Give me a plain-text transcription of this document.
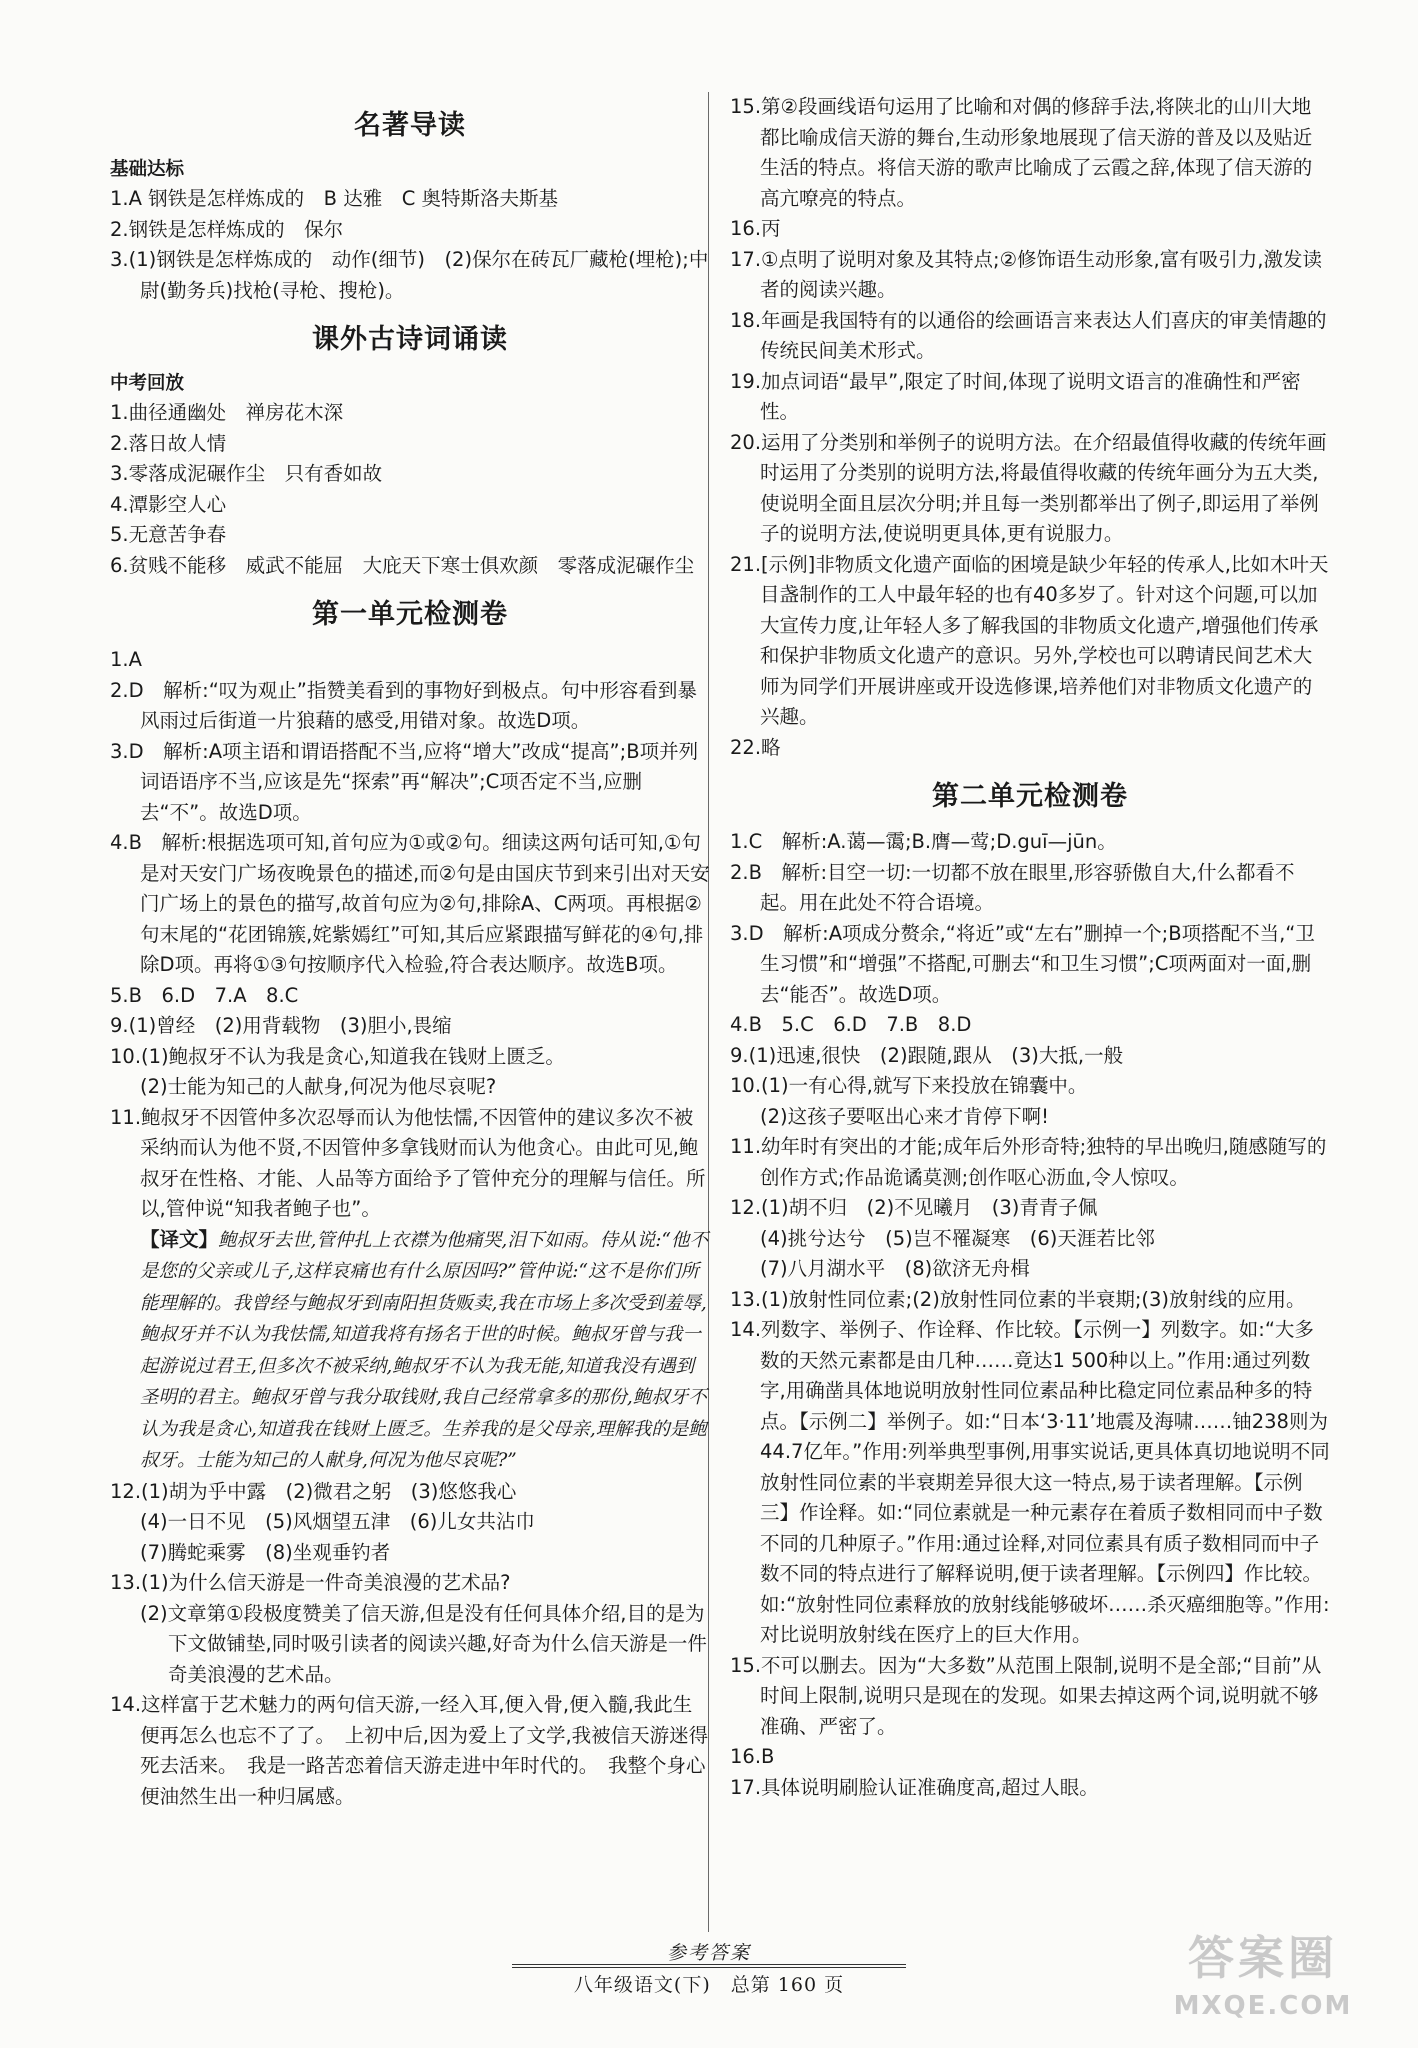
名著导读
基础达标

1.A 钢铁是怎样炼成的　B 达雅　C 奥特斯洛夫斯基

2.钢铁是怎样炼成的　保尔

3.(1)钢铁是怎样炼成的　动作(细节)　(2)保尔在砖瓦厂藏枪(埋枪);中尉(勤务兵)找枪(寻枪、搜枪)。

课外古诗词诵读
中考回放

1.曲径通幽处　禅房花木深

2.落日故人情

3.零落成泥碾作尘　只有香如故

4.潭影空人心

5.无意苦争春

6.贫贱不能移　威武不能屈　大庇天下寒士俱欢颜　零落成泥碾作尘

第一单元检测卷

1.A

2.D　解析:“叹为观止”指赞美看到的事物好到极点。句中形容看到暴风雨过后街道一片狼藉的感受,用错对象。故选D项。

3.D　解析:A项主语和谓语搭配不当,应将“增大”改成“提高”;B项并列词语语序不当,应该是先“探索”再“解决”;C项否定不当,应删去“不”。故选D项。

4.B　解析:根据选项可知,首句应为①或②句。细读这两句话可知,①句是对天安门广场夜晚景色的描述,而②句是由国庆节到来引出对天安门广场上的景色的描写,故首句应为②句,排除A、C两项。再根据②句末尾的“花团锦簇,姹紫嫣红”可知,其后应紧跟描写鲜花的④句,排除D项。再将①③句按顺序代入检验,符合表达顺序。故选B项。

5.B　6.D　7.A　8.C

9.(1)曾经　(2)用背载物　(3)胆小,畏缩

10.(1)鲍叔牙不认为我是贪心,知道我在钱财上匮乏。

(2)士能为知己的人献身,何况为他尽哀呢?

11.鲍叔牙不因管仲多次忍辱而认为他怯懦,不因管仲的建议多次不被采纳而认为他不贤,不因管仲多拿钱财而认为他贪心。由此可见,鲍叔牙在性格、才能、人品等方面给予了管仲充分的理解与信任。所以,管仲说“知我者鲍子也”。

【译文】鲍叔牙去世,管仲扎上衣襟为他痛哭,泪下如雨。侍从说:“他不是您的父亲或儿子,这样哀痛也有什么原因吗?”管仲说:“这不是你们所能理解的。我曾经与鲍叔牙到南阳担货贩卖,我在市场上多次受到羞辱,鲍叔牙并不认为我怯懦,知道我将有扬名于世的时候。鲍叔牙曾与我一起游说过君王,但多次不被采纳,鲍叔牙不认为我无能,知道我没有遇到圣明的君主。鲍叔牙曾与我分取钱财,我自己经常拿多的那份,鲍叔牙不认为我是贪心,知道我在钱财上匮乏。生养我的是父母亲,理解我的是鲍叔牙。士能为知己的人献身,何况为他尽哀呢?”

12.(1)胡为乎中露　(2)微君之躬　(3)悠悠我心

(4)一日不见　(5)风烟望五津　(6)儿女共沾巾

(7)腾蛇乘雾　(8)坐观垂钓者

13.(1)为什么信天游是一件奇美浪漫的艺术品?

(2)文章第①段极度赞美了信天游,但是没有任何具体介绍,目的是为下文做铺垫,同时吸引读者的阅读兴趣,好奇为什么信天游是一件奇美浪漫的艺术品。

14.这样富于艺术魅力的两句信天游,一经入耳,便入骨,便入髓,我此生便再怎么也忘不了了。　上初中后,因为爱上了文学,我被信天游迷得死去活来。　我是一路苦恋着信天游走进中年时代的。　我整个身心便油然生出一种归属感。

15.第②段画线语句运用了比喻和对偶的修辞手法,将陕北的山川大地都比喻成信天游的舞台,生动形象地展现了信天游的普及以及贴近生活的特点。将信天游的歌声比喻成了云霞之辞,体现了信天游的高亢嘹亮的特点。

16.丙

17.①点明了说明对象及其特点;②修饰语生动形象,富有吸引力,激发读者的阅读兴趣。

18.年画是我国特有的以通俗的绘画语言来表达人们喜庆的审美情趣的传统民间美术形式。

19.加点词语“最早”,限定了时间,体现了说明文语言的准确性和严密性。

20.运用了分类别和举例子的说明方法。在介绍最值得收藏的传统年画时运用了分类别的说明方法,将最值得收藏的传统年画分为五大类,使说明全面且层次分明;并且每一类别都举出了例子,即运用了举例子的说明方法,使说明更具体,更有说服力。

21.[示例]非物质文化遗产面临的困境是缺少年轻的传承人,比如木叶天目盏制作的工人中最年轻的也有40多岁了。针对这个问题,可以加大宣传力度,让年轻人多了解我国的非物质文化遗产,增强他们传承和保护非物质文化遗产的意识。另外,学校也可以聘请民间艺术大师为同学们开展讲座或开设选修课,培养他们对非物质文化遗产的兴趣。

22.略

第二单元检测卷

1.C　解析:A.蔼—霭;B.膺—莺;D.guī—jūn。

2.B　解析:目空一切:一切都不放在眼里,形容骄傲自大,什么都看不起。用在此处不符合语境。

3.D　解析:A项成分赘余,“将近”或“左右”删掉一个;B项搭配不当,“卫生习惯”和“增强”不搭配,可删去“和卫生习惯”;C项两面对一面,删去“能否”。故选D项。

4.B　5.C　6.D　7.B　8.D

9.(1)迅速,很快　(2)跟随,跟从　(3)大抵,一般

10.(1)一有心得,就写下来投放在锦囊中。

(2)这孩子要呕出心来才肯停下啊!

11.幼年时有突出的才能;成年后外形奇特;独特的早出晚归,随感随写的创作方式;作品诡谲莫测;创作呕心沥血,令人惊叹。

12.(1)胡不归　(2)不见曦月　(3)青青子佩

(4)挑兮达兮　(5)岂不罹凝寒　(6)天涯若比邻

(7)八月湖水平　(8)欲济无舟楫

13.(1)放射性同位素;(2)放射性同位素的半衰期;(3)放射线的应用。

14.列数字、举例子、作诠释、作比较。【示例一】列数字。如:“大多数的天然元素都是由几种……竟达1 500种以上。”作用:通过列数字,用确凿具体地说明放射性同位素品种比稳定同位素品种多的特点。【示例二】举例子。如:“日本‘3·11’地震及海啸……铀238则为44.7亿年。”作用:列举典型事例,用事实说话,更具体真切地说明不同放射性同位素的半衰期差异很大这一特点,易于读者理解。【示例三】作诠释。如:“同位素就是一种元素存在着质子数相同而中子数不同的几种原子。”作用:通过诠释,对同位素具有质子数相同而中子数不同的特点进行了解释说明,便于读者理解。【示例四】作比较。如:“放射性同位素释放的放射线能够破坏……杀灭癌细胞等。”作用:对比说明放射线在医疗上的巨大作用。

15.不可以删去。因为“大多数”从范围上限制,说明不是全部;“目前”从时间上限制,说明只是现在的发现。如果去掉这两个词,说明就不够准确、严密了。

16.B

17.具体说明刷脸认证准确度高,超过人眼。

参考答案
八年级语文(下)　总第 160 页	答案圈
MXQE.COM
